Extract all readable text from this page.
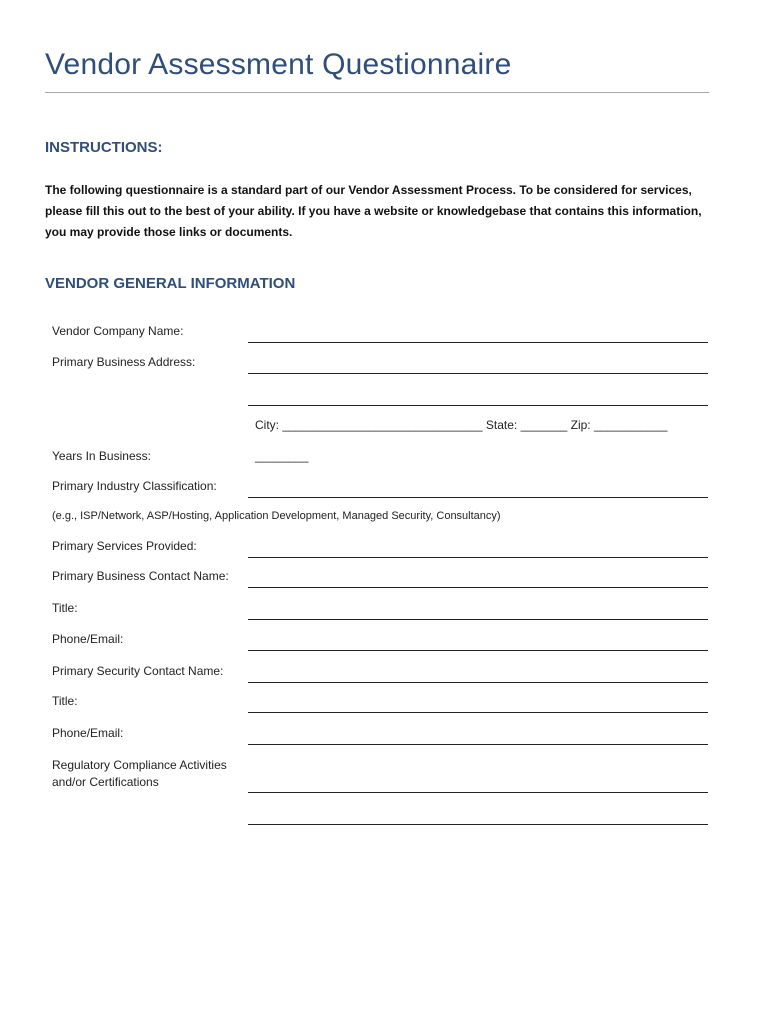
Vendor Assessment Questionnaire
INSTRUCTIONS:
The following questionnaire is a standard part of our Vendor Assessment Process. To be considered for services, please fill this out to the best of your ability. If you have a website or knowledgebase that contains this information, you may provide those links or documents.
VENDOR GENERAL INFORMATION
Vendor Company Name:
Primary Business Address:
City: ______________________________ State: _______ Zip: ___________
Years In Business:	________
Primary Industry Classification:
(e.g., ISP/Network, ASP/Hosting, Application Development, Managed Security, Consultancy)
Primary Services Provided:
Primary Business Contact Name:
Title:
Phone/Email:
Primary Security Contact Name:
Title:
Phone/Email:
Regulatory Compliance Activities and/or Certifications
